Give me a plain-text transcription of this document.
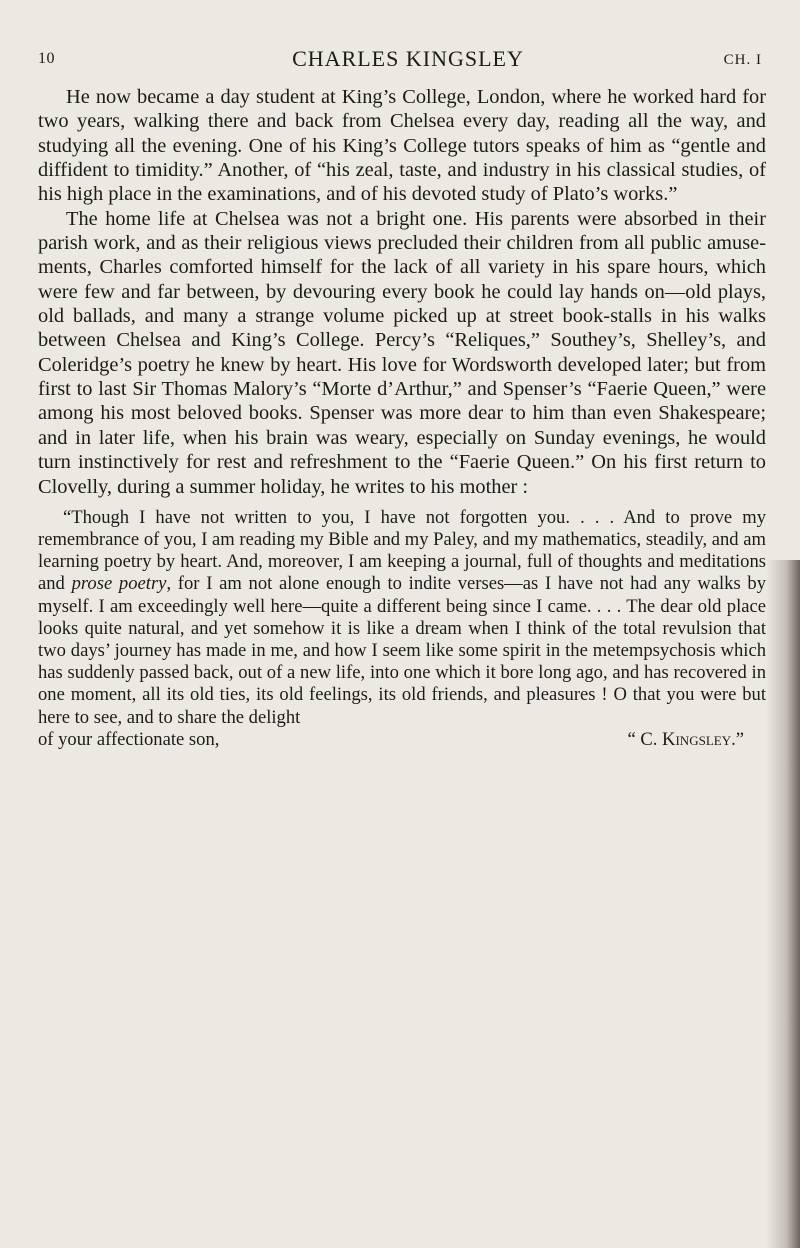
10	CHARLES KINGSLEY	CH. I

He now became a day student at King’s College, London, where he worked hard for two years, walking there and back from Chelsea every day, reading all the way, and studying all the evening. One of his King’s College tutors speaks of him as “gentle and diffident to timidity.” Another, of “his zeal, taste, and industry in his classical studies, of his high place in the examinations, and of his devoted study of Plato’s works.”

The home life at Chelsea was not a bright one. His parents were absorbed in their parish work, and as their religious views precluded their children from all public amusements, Charles comforted himself for the lack of all variety in his spare hours, which were few and far between, by devouring every book he could lay hands on—old plays, old ballads, and many a strange volume picked up at street book-stalls in his walks between Chelsea and King’s College. Percy’s “Reliques,” Southey’s, Shelley’s, and Coleridge’s poetry he knew by heart. His love for Wordsworth developed later; but from first to last Sir Thomas Malory’s “Morte d’Arthur,” and Spenser’s “Faerie Queen,” were among his most beloved books. Spenser was more dear to him than even Shakespeare; and in later life, when his brain was weary, especially on Sunday evenings, he would turn instinctively for rest and refreshment to the “Faerie Queen.” On his first return to Clovelly, during a summer holiday, he writes to his mother :

“Though I have not written to you, I have not forgotten you. . . . And to prove my remembrance of you, I am reading my Bible and my Paley, and my mathematics, steadily, and am learning poetry by heart. And, moreover, I am keeping a journal, full of thoughts and meditations and prose poetry, for I am not alone enough to indite verses—as I have not had any walks by myself. I am exceedingly well here—quite a different being since I came. . . . The dear old place looks quite natural, and yet somehow it is like a dream when I think of the total revulsion that two days’ journey has made in me, and how I seem like some spirit in the metempsychosis which has suddenly passed back, out of a new life, into one which it bore long ago, and has recovered in one moment, all its old ties, its old feelings, its old friends, and pleasures ! O that you were but here to see, and to share the delight
of your affectionate son,	“ C. Kingsley.”
